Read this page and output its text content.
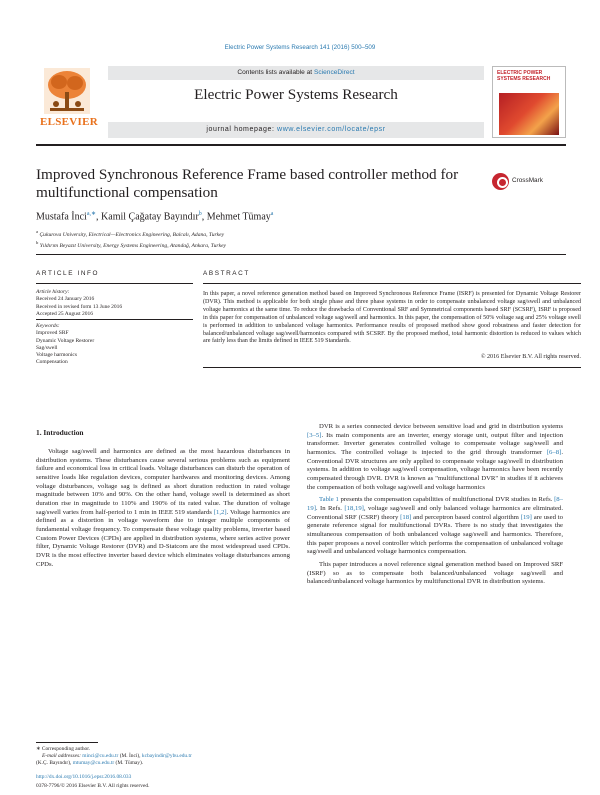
Electric Power Systems Research 141 (2016) 500–509
ELSEVIER
Contents lists available at ScienceDirect
Electric Power Systems Research
journal homepage: www.elsevier.com/locate/epsr
ELECTRIC POWER
SYSTEMS RESEARCH
Improved Synchronous Reference Frame based controller method for multifunctional compensation
CrossMark
Mustafa İnci$^{a,∗}$, Kamil Çağatay Bayındır$^b$, Mehmet Tümay$^a$
$^a$ Çukurova University, Electrical—Electronics Engineering, Balcalı, Adana, Turkey
$^b$ Yıldırım Beyazıt University, Energy Systems Engineering, Atandağ, Ankara, Turkey
ARTICLE INFO	ABSTRACT
Article history:
Received 24 January 2016
Received in revised form 13 June 2016
Accepted 25 August 2016
Keywords:
Improved SRF
Dynamic Voltage Restorer
Sag/swell
Voltage harmonics
Compensation
In this paper, a novel reference generation method based on Improved Synchronous Reference Frame (ISRF) is presented for Dynamic Voltage Restorer (DVR). This method is applicable for both single phase and three phase systems in order to compensate unbalanced voltage sag/swell and unbalanced voltage harmonics at the same time. To reduce the drawbacks of Conventional SRF and Symmetrical components based SRF (SCSRF), ISRF is proposed in this paper for compensation of unbalanced voltage sag/swell and harmonics. In this paper, the compensation of 50% voltage sag and 25% voltage swell is performed in addition to unbalanced voltage harmonics. Performance results of proposed method show good robustness and faster detection for balanced/unbalanced voltage sag/swell/harmonics compared with SCSRF. By the proposed method, total harmonic distortion is reduced to values which are fairly less than the limits defined in IEEE 519 Standards.
© 2016 Elsevier B.V. All rights reserved.
1. Introduction

Voltage sag/swell and harmonics are defined as the most hazardous disturbances in distribution systems. These disturbances cause several serious problems such as equipment failure and economical loss in critical loads. Voltage disturbances can disturb the operation of sensitive loads like regulation devices, computer hardwares and monitoring devices. Among voltage disturbances, voltage sag is defined as short duration reduction in rated voltage magnitude between 10% and 90%. On the other hand, voltage swell is determined as short duration rise in magnitude to 110% and 190% of its rated value. The duration of voltage sag/swell varies from half-period to 1 min in IEEE 519 standards [1,2]. Voltage harmonics are defined as a distortion in voltage waveform due to integer multiple components of fundamental voltage frequency. To compensate these voltage quality problems, inverter based Custom Power Devices (CPDs) are applied in distribution systems, where series active power filter, Dynamic Voltage Restorer (DVR) and D-Statcom are the most widespread used CPDs. DVR is the most effective inverter based device which eliminates voltage disturbances among CPDs.

DVR is a series connected device between sensitive load and grid in distribution systems [3–5]. Its main components are an inverter, energy storage unit, output filter and injection transformer. Inverter generates controlled voltage to compensate voltage sag/swell and harmonics. The controlled voltage is injected to the grid through transformer [6–8]. Conventional DVR structures are only applied to compensate voltage sag/swell in distribution systems. In addition to voltage sag/swell compensation, voltage harmonics have been recently compensated through DVR. DVR is known as "multifunctional DVR" in studies if it achieves the compensation of both voltage sag/swell and voltage harmonics

Table 1 presents the compensation capabilities of multifunctional DVR studies in Refs. [8–19]. In Refs. [18,19], voltage sag/swell and only balanced voltage harmonics are eliminated. Conventional SRF (CSRF) theory [18] and perceptron based control algorithm [19] are used to generate reference signal for multifunctional DVRs. There is no study that investigates the simultaneous compensation of both unbalanced voltage sag/swell and harmonics. Therefore, this paper proposes a novel controller which performs the compensation of unbalanced voltage sag/swell and unbalanced voltage harmonics compensation.

This paper introduces a novel reference signal generation method based on Improved SRF (ISRF) so as to compensate both balanced/unbalanced voltage sag/swell and balanced/unbalanced voltage harmonics by multifunctional DVR in distribution systems.

∗ Corresponding author.
E-mail addresses: minci@cu.edu.tr (M. İnci), kcbayindir@ybu.edu.tr
(K.Ç. Bayındır), mtumay@cu.edu.tr (M. Tümay).
http://dx.doi.org/10.1016/j.epsr.2016.08.033
0378-7796/© 2016 Elsevier B.V. All rights reserved.
